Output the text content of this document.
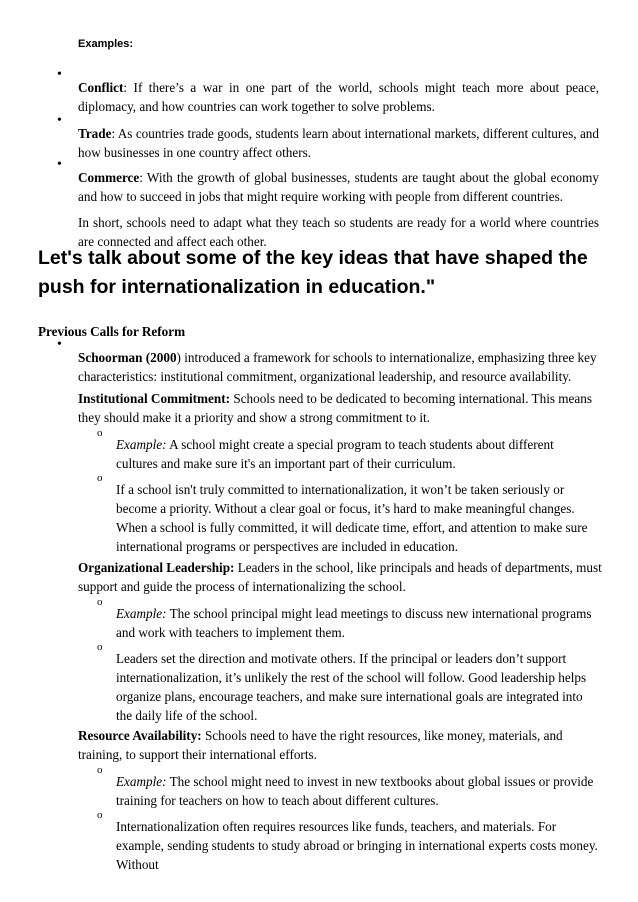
Examples:

•

Conflict: If there’s a war in one part of the world, schools might teach more about peace, diplomacy, and how countries can work together to solve problems.

•

Trade: As countries trade goods, students learn about international markets, different cultures, and how businesses in one country affect others.

•

Commerce: With the growth of global businesses, students are taught about the global economy and how to succeed in jobs that might require working with people from different countries.

In short, schools need to adapt what they teach so students are ready for a world where countries are connected and affect each other.

Let's talk about some of the key ideas that have shaped the push for internationalization in education."

Previous Calls for Reform

•

Schoorman (2000) introduced a framework for schools to internationalize, emphasizing three key characteristics: institutional commitment, organizational leadership, and resource availability.

Institutional Commitment: Schools need to be dedicated to becoming international. This means they should make it a priority and show a strong commitment to it.

o

Example: A school might create a special program to teach students about different cultures and make sure it's an important part of their curriculum.

o

If a school isn't truly committed to internationalization, it won’t be taken seriously or become a priority. Without a clear goal or focus, it’s hard to make meaningful changes. When a school is fully committed, it will dedicate time, effort, and attention to make sure international programs or perspectives are included in education.

Organizational Leadership: Leaders in the school, like principals and heads of departments, must support and guide the process of internationalizing the school.

o

Example: The school principal might lead meetings to discuss new international programs and work with teachers to implement them.

o

Leaders set the direction and motivate others. If the principal or leaders don’t support internationalization, it’s unlikely the rest of the school will follow. Good leadership helps organize plans, encourage teachers, and make sure international goals are integrated into the daily life of the school.

Resource Availability: Schools need to have the right resources, like money, materials, and training, to support their international efforts.

o

Example: The school might need to invest in new textbooks about global issues or provide training for teachers on how to teach about different cultures.

o

Internationalization often requires resources like funds, teachers, and materials. For example, sending students to study abroad or bringing in international experts costs money. Without
